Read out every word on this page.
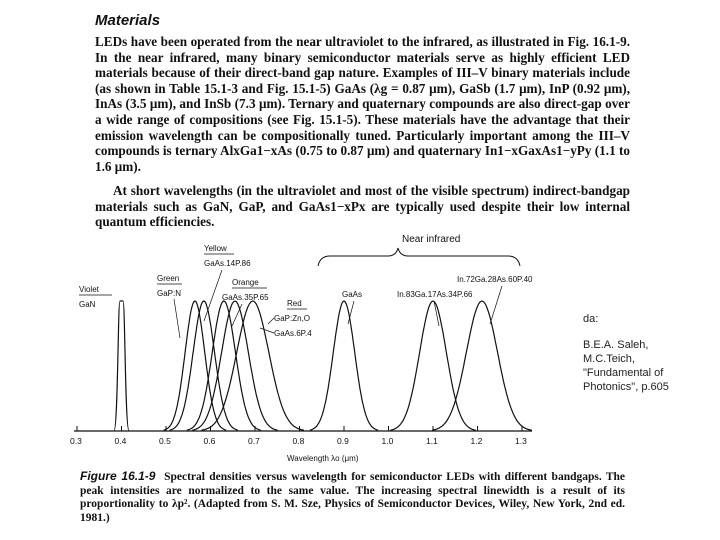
Materials

LEDs have been operated from the near ultraviolet to the infrared, as illustrated in Fig. 16.1-9. In the near infrared, many binary semiconductor materials serve as highly efficient LED materials because of their direct-band gap nature. Examples of III–V binary materials include (as shown in Table 15.1-3 and Fig. 15.1-5) GaAs (λg = 0.87 μm), GaSb (1.7 μm), InP (0.92 μm), InAs (3.5 μm), and InSb (7.3 μm). Ternary and quaternary compounds are also direct-gap over a wide range of compositions (see Fig. 15.1-5). These materials have the advantage that their emission wavelength can be compositionally tuned. Particularly important among the III–V compounds is ternary AlxGa1−xAs (0.75 to 0.87 μm) and quaternary In1−xGaxAs1−yPy (1.1 to 1.6 μm).

At short wavelengths (in the ultraviolet and most of the visible spectrum) indirect-bandgap materials such as GaN, GaP, and GaAs1−xPx are typically used despite their low internal quantum efficiencies.

0.3	0.4	0.5	0.6	0.7	0.8	0.9	1.0	1.1	1.2	1.3
Near infrared
Violet
Green
Yellow
Orange
Red
GaN
GaP:N
GaAs.14P.86
GaAs.35P.65
GaP:Zn,O
GaAs.6P.4
GaAs	In.83Ga.17As.34P.66
In.72Ga.28As.60P.40
Wavelength λo (μm)

Figure 16.1-9 Spectral densities versus wavelength for semiconductor LEDs with different bandgaps. The peak intensities are normalized to the same value. The increasing spectral linewidth is a result of its proportionality to λp². (Adapted from S. M. Sze, Physics of Semiconductor Devices, Wiley, New York, 2nd ed. 1981.)

da:
B.E.A. Saleh,
M.C.Teich,
"Fundamental of
Photonics", p.605
